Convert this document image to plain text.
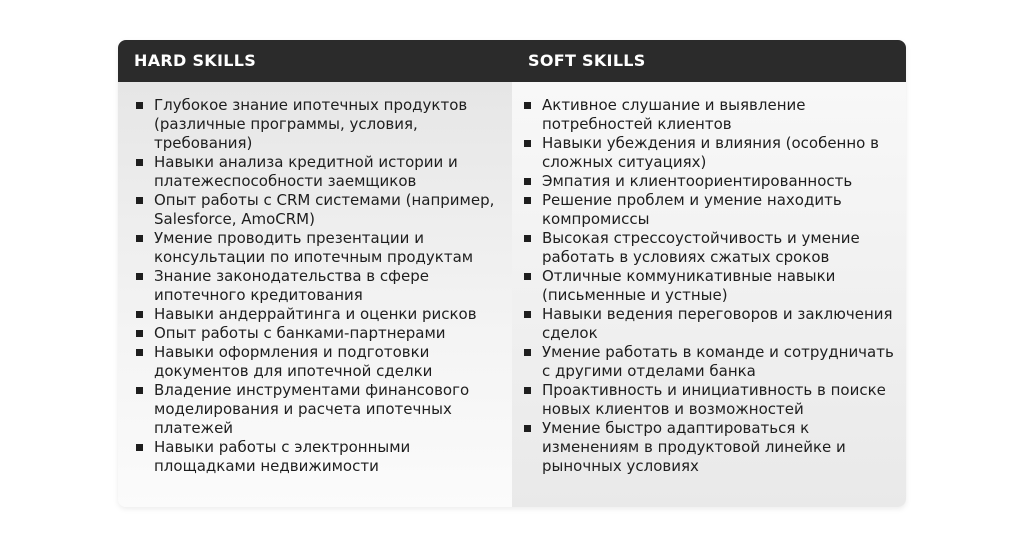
HARD SKILLS	SOFT SKILLS
Глубокое знание ипотечных продуктов (различные программы, условия, требования)
Навыки анализа кредитной истории и платежеспособности заемщиков
Опыт работы с CRM системами (например, Salesforce, AmoCRM)
Умение проводить презентации и консультации по ипотечным продуктам
Знание законодательства в сфере ипотечного кредитования
Навыки андеррайтинга и оценки рисков
Опыт работы с банками-партнерами
Навыки оформления и подготовки документов для ипотечной сделки
Владение инструментами финансового моделирования и расчета ипотечных платежей
Навыки работы с электронными площадками недвижимости
Активное слушание и выявление потребностей клиентов
Навыки убеждения и влияния (особенно в сложных ситуациях)
Эмпатия и клиентоориентированность
Решение проблем и умение находить компромиссы
Высокая стрессоустойчивость и умение работать в условиях сжатых сроков
Отличные коммуникативные навыки (письменные и устные)
Навыки ведения переговоров и заключения сделок
Умение работать в команде и сотрудничать с другими отделами банка
Проактивность и инициативность в поиске новых клиентов и возможностей
Умение быстро адаптироваться к изменениям в продуктовой линейке и рыночных условиях
